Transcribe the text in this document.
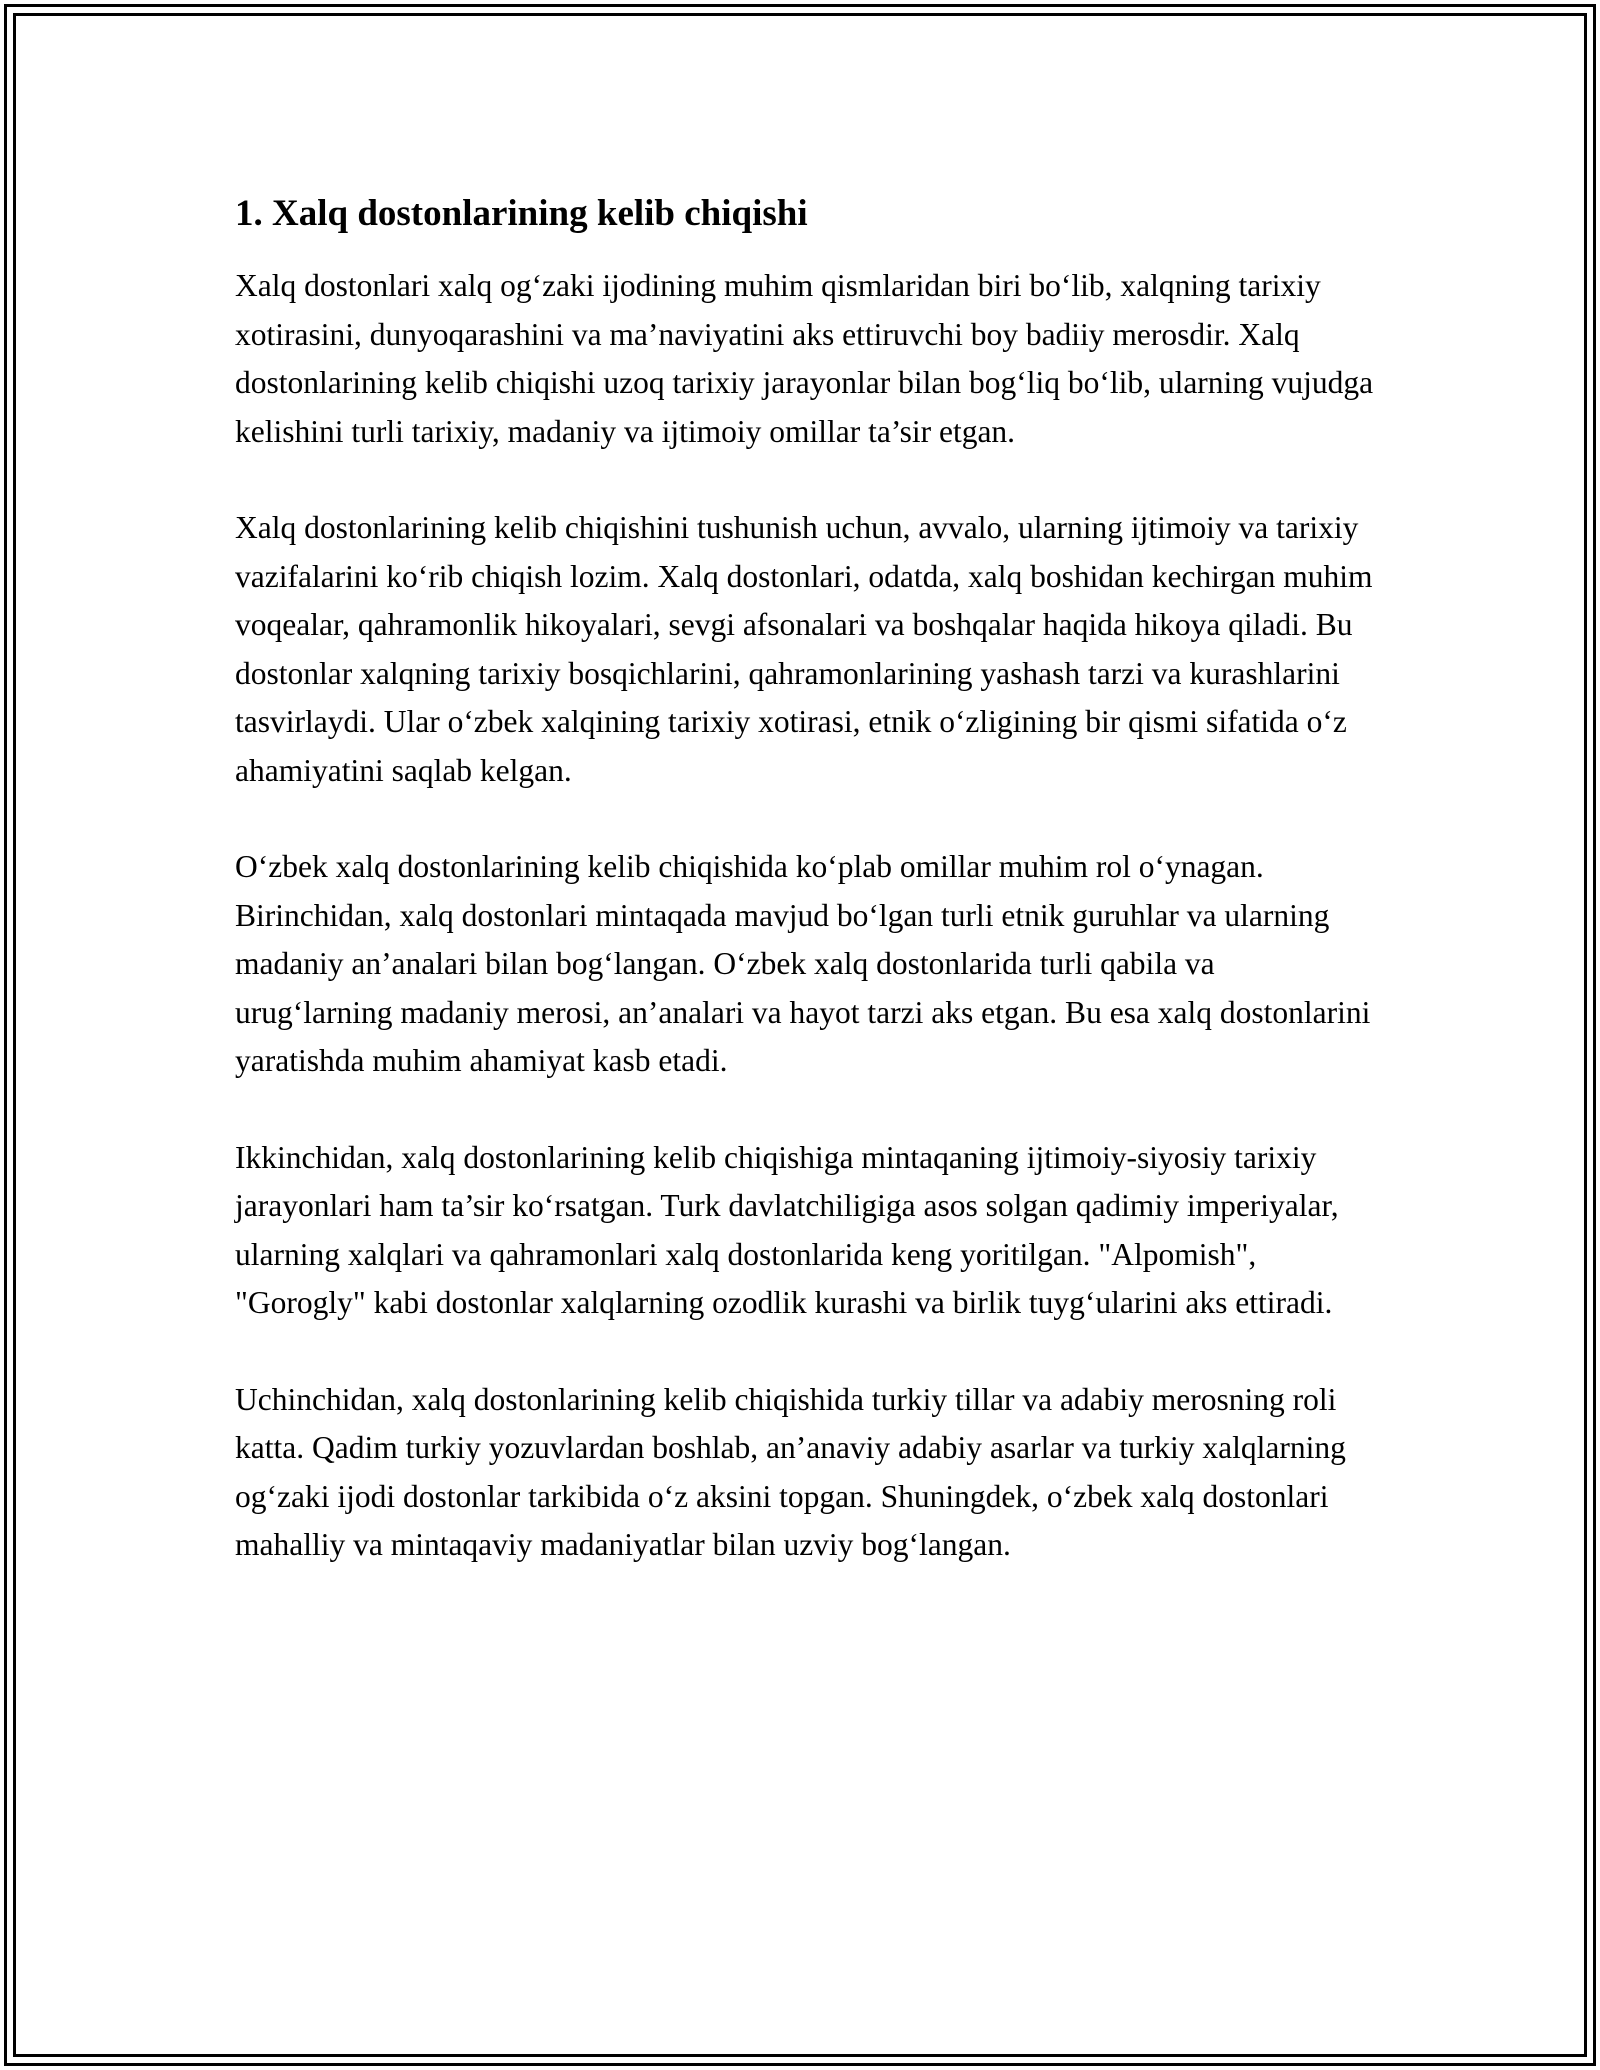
1. Xalq dostonlarining kelib chiqishi

Xalq dostonlari xalq og‘zaki ijodining muhim qismlaridan biri bo‘lib, xalqning tarixiy xotirasini, dunyoqarashini va ma’naviyatini aks ettiruvchi boy badiiy merosdir. Xalq dostonlarining kelib chiqishi uzoq tarixiy jarayonlar bilan bog‘liq bo‘lib, ularning vujudga kelishini turli tarixiy, madaniy va ijtimoiy omillar ta’sir etgan.

Xalq dostonlarining kelib chiqishini tushunish uchun, avvalo, ularning ijtimoiy va tarixiy vazifalarini ko‘rib chiqish lozim. Xalq dostonlari, odatda, xalq boshidan kechirgan muhim voqealar, qahramonlik hikoyalari, sevgi afsonalari va boshqalar haqida hikoya qiladi. Bu dostonlar xalqning tarixiy bosqichlarini, qahramonlarining yashash tarzi va kurashlarini tasvirlaydi. Ular o‘zbek xalqining tarixiy xotirasi, etnik o‘zligining bir qismi sifatida o‘z ahamiyatini saqlab kelgan.

O‘zbek xalq dostonlarining kelib chiqishida ko‘plab omillar muhim rol o‘ynagan. Birinchidan, xalq dostonlari mintaqada mavjud bo‘lgan turli etnik guruhlar va ularning madaniy an’analari bilan bog‘langan. O‘zbek xalq dostonlarida turli qabila va urug‘larning madaniy merosi, an’analari va hayot tarzi aks etgan. Bu esa xalq dostonlarini yaratishda muhim ahamiyat kasb etadi.

Ikkinchidan, xalq dostonlarining kelib chiqishiga mintaqaning ijtimoiy-siyosiy tarixiy jarayonlari ham ta’sir ko‘rsatgan. Turk davlatchiligiga asos solgan qadimiy imperiyalar, ularning xalqlari va qahramonlari xalq dostonlarida keng yoritilgan. "Alpomish", "Gorogly" kabi dostonlar xalqlarning ozodlik kurashi va birlik tuyg‘ularini aks ettiradi.

Uchinchidan, xalq dostonlarining kelib chiqishida turkiy tillar va adabiy merosning roli katta. Qadim turkiy yozuvlardan boshlab, an’anaviy adabiy asarlar va turkiy xalqlarning og‘zaki ijodi dostonlar tarkibida o‘z aksini topgan. Shuningdek, o‘zbek xalq dostonlari mahalliy va mintaqaviy madaniyatlar bilan uzviy bog‘langan.
